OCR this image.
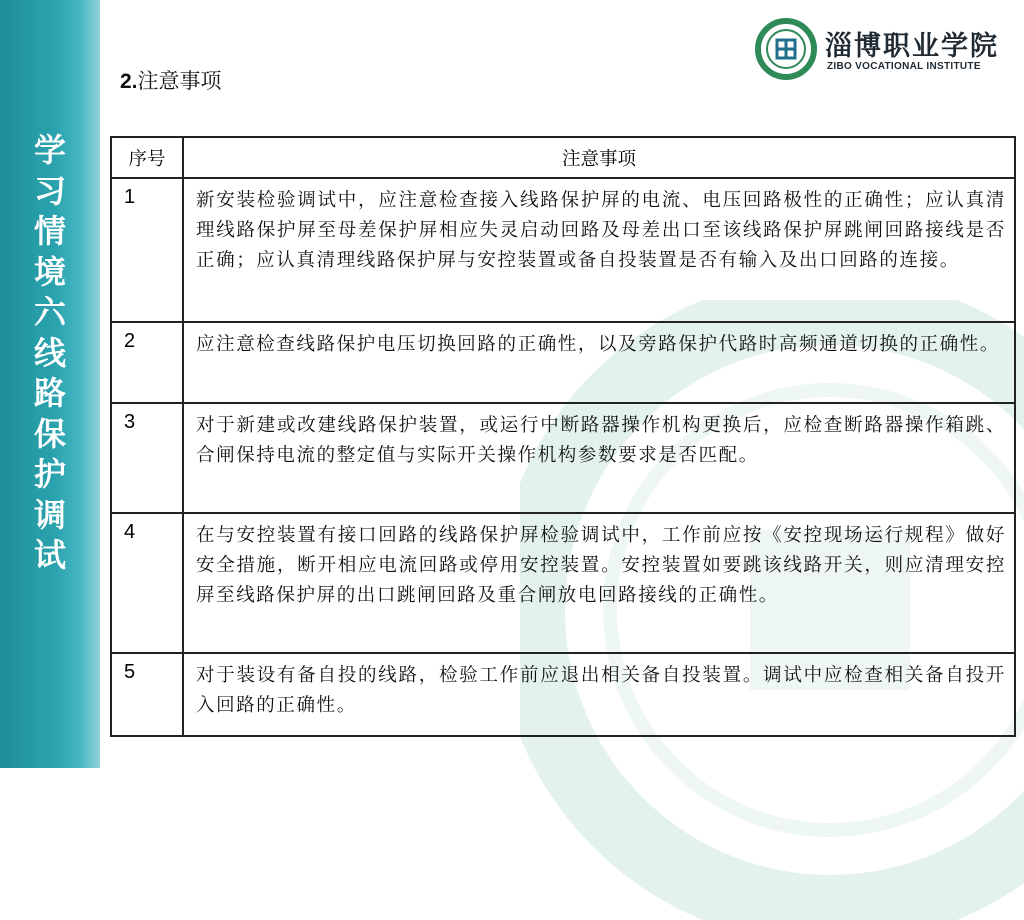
学
习
情
境
六
线
路
保
护
调
试
淄博职业学院
ZIBO VOCATIONAL INSTITUTE
2.注意事项
序号	注意事项
1	新安装检验调试中，应注意检查接入线路保护屏的电流、电压回路极性的正确性；应认真清理线路保护屏至母差保护屏相应失灵启动回路及母差出口至该线路保护屏跳闸回路接线是否正确；应认真清理线路保护屏与安控装置或备自投装置是否有输入及出口回路的连接。
2	应注意检查线路保护电压切换回路的正确性，以及旁路保护代路时高频通道切换的正确性。
3	对于新建或改建线路保护装置，或运行中断路器操作机构更换后，应检查断路器操作箱跳、合闸保持电流的整定值与实际开关操作机构参数要求是否匹配。
4	在与安控装置有接口回路的线路保护屏检验调试中，工作前应按《安控现场运行规程》做好安全措施，断开相应电流回路或停用安控装置。安控装置如要跳该线路开关，则应清理安控屏至线路保护屏的出口跳闸回路及重合闸放电回路接线的正确性。
5	对于装设有备自投的线路，检验工作前应退出相关备自投装置。调试中应检查相关备自投开入回路的正确性。
